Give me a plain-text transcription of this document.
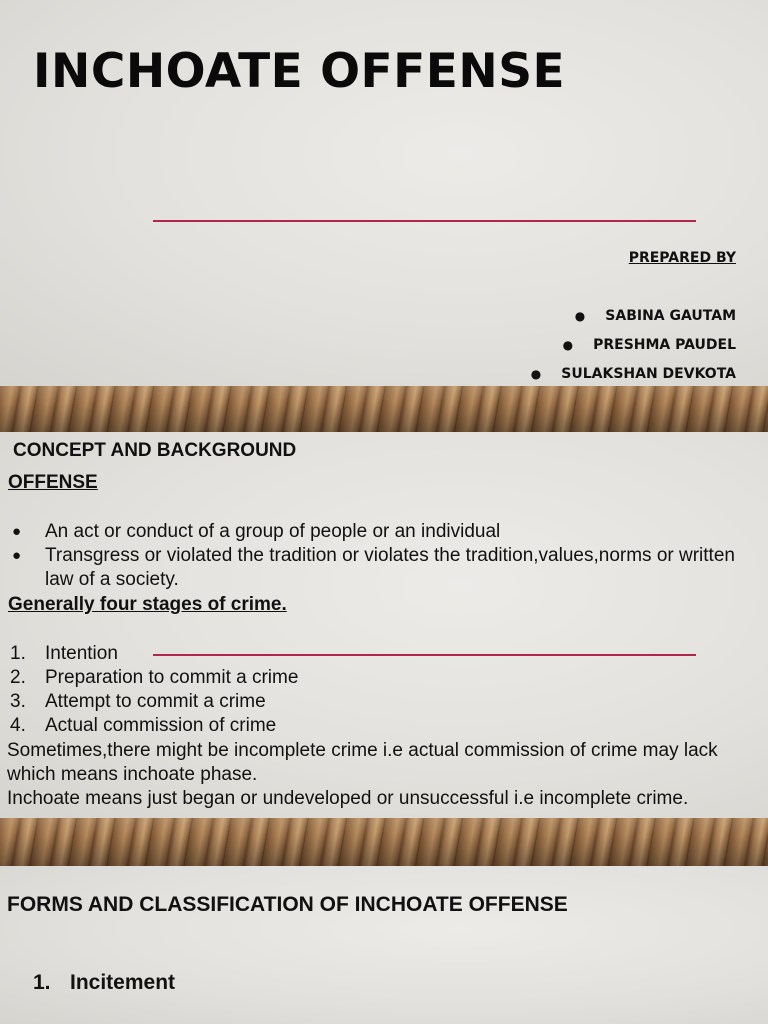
INCHOATE OFFENSE
PREPARED BY
● SABINA GAUTAM
● PRESHMA PAUDEL
● SULAKSHAN DEVKOTA
CONCEPT AND BACKGROUND
OFFENSE
● An act or conduct of a group of people or an individual
● Transgress or violated the tradition or violates the tradition,values,norms or written law of a society.
Generally four stages of crime.
1. Intention
2. Preparation to commit a crime
3. Attempt to commit a crime
4. Actual commission of crime
Sometimes,there might be incomplete crime i.e actual commission of crime may lack which means inchoate phase.
Inchoate means just began or undeveloped or unsuccessful i.e incomplete crime.
FORMS AND CLASSIFICATION OF INCHOATE OFFENSE
1. Incitement
